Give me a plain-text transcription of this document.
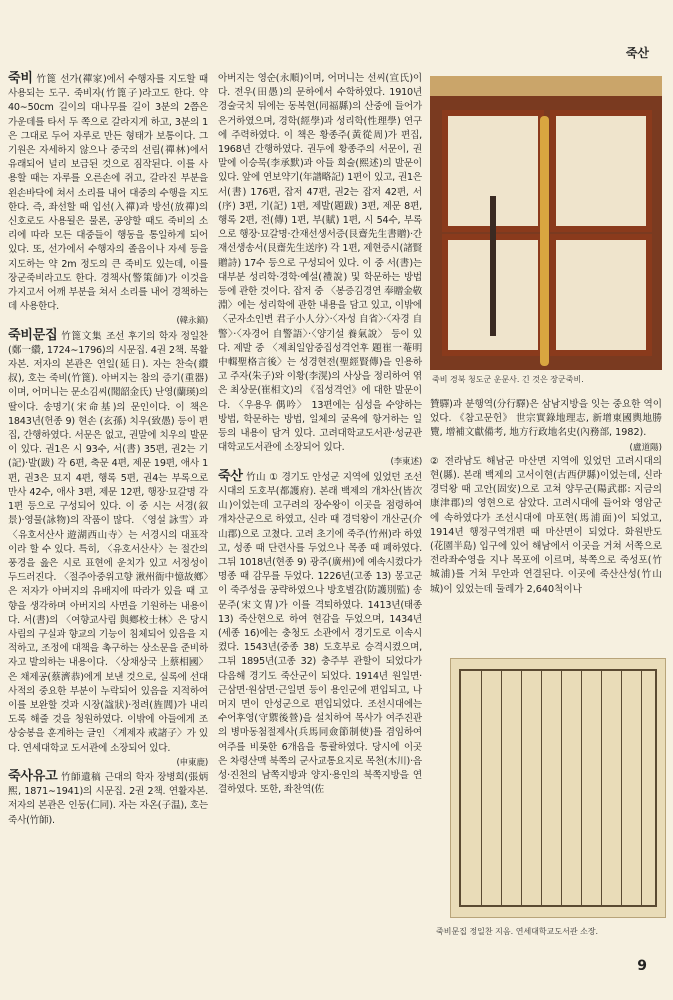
죽산

죽비 竹篦 선가(禪家)에서 수행자를 지도할 때 사용되는 도구. 죽비자(竹篦子)라고도 한다. 약 40∼50cm 길이의 대나무를 길이 3분의 2쯤은 가운데를 타서 두 쪽으로 갈라지게 하고, 3분의 1은 그대로 두어 자루로 만든 형태가 보통이다. 그 기원은 자세하지 않으나 중국의 선림(禪林)에서 유래되어 널리 보급된 것으로 짐작된다. 이를 사용할 때는 자루를 오른손에 쥐고, 갈라진 부분을 왼손바닥에 쳐서 소리를 내어 대중의 수행을 지도한다. 즉, 좌선할 때 입선(入禪)과 방선(放禪)의 신호로도 사용될은 물론, 공양할 때도 죽비의 소리에 따라 모든 대중들이 행동을 통일하게 되어 있다. 또, 선가에서 수행자의 졸음이나 자세 등을 지도하는 약 2m 정도의 큰 죽비도 있는데, 이를 장군죽비라고도 한다. 경책사(警策師)가 이것을 가지고서 어깨 부분을 쳐서 소리를 내어 경책하는 데 사용한다.
(韓永鎬)

죽비문집 竹篦文集 조선 후기의 학자 정일찬(鄭一纘, 1724∼1796)의 시문집. 4권 2책. 목활자본. 저자의 본관은 연일(延日). 자는 찬숙(纘叔), 호는 죽비(竹篦). 아버지는 참의 증기(重器)이며, 어머니는 문소김씨(聞韶金氏) 난영(蘭瑛)의 딸이다. 송명기(宋命基)의 문인이다. 이 책은 1843년(헌종 9) 현손 (玄孫) 치우(致愚) 등이 편집, 간행하였다. 서문은 없고, 권말에 치우의 발문이 있다. 권1은 시 93수, 서(書) 35편, 권2는 기(記)·발(跋) 각 6편, 축문 4편, 제문 19편, 애사 1편, 권3은 묘지 4편, 행록 5편, 권4는 부록으로 만사 42수, 애사 3편, 제문 12편, 행장·묘갈명 각 1편 등으로 구성되어 있다. 이 중 시는 서경(叙景)·영물(詠物)의 작품이 많다. 〈영설 詠雪〉과 〈유호서산사 遊湖西山寺〉는 서경시의 대표작이라 할 수 있다. 특히, 〈유호서산사〉는 절간의 풍경을 읊은 시로 표현에 운치가 있고 서정성이 두드러진다. 〈절주아중위고향 湫州衙中憶故鄕〉은 저자가 아버지의 유배지에 따라가 있을 때 고향을 생각하며 아버지의 사면을 기원하는 내용이다. 서(書)의 〈여향교사림 與鄕校士林〉은 당시 사림의 구실과 향교의 기능이 침체되어 있음을 지적하고, 조정에 대책을 촉구하는 상소문을 준비하자고 발의하는 내용이다. 〈상채상국 上蔡相國〉은 채제공(蔡濟恭)에게 보낸 것으로, 실록에 선대 사적의 중요한 부분이 누락되어 있음을 지적하여 이를 보완할 것과 시장(諡狀)·정려(旌閭)가 내리도록 해줄 것을 청원하였다. 이밖에 아들에게 조상숭봉을 훈계하는 글인 〈계제자 戒諸子〉가 있다. 연세대학교 도서관에 소장되어 있다.
(申東鹿)

죽사유고 竹師遺稿 근대의 학자 장병희(張炳熙, 1871∼1941)의 시문집. 2권 2책. 연활자본. 저자의 본관은 인동(仁同). 자는 자온(子温), 호는 죽사(竹師).

아버지는 영순(永順)이며, 어머니는 선씨(宣氏)이다. 전우(田愚)의 문하에서 수학하였다. 1910년 경술국치 뒤에는 동복현(同福縣)의 산중에 들어가 은거하였으며, 경학(經學)과 성리학(性理學) 연구에 주력하였다. 이 책은 황종주(黃從周)가 편집, 1968년 간행하였다. 권두에 황종주의 서문이, 권말에 이승묵(李承默)과 아들 희술(熙述)의 발문이 있다. 앞에 연보약기(年譜略記) 1편이 있고, 권1은 서(書) 176편, 잡저 47편, 권2는 잡저 42편, 서(序) 3편, 기(記) 1편, 제발(題跋) 3편, 제문 8편, 행록 2편, 전(傳) 1편, 부(賦) 1편, 시 54수, 부록으로 행장·묘갈명·간재선생서증(艮齋先生書贈)·간재선생송서(艮齋先生送序) 각 1편, 제현증시(諸賢贈詩) 17수 등으로 구성되어 있다. 이 중 서(書)는 대부분 성리학·경학·예설(禮說) 및 학문하는 방법 등에 관한 것이다. 잡저 중 〈봉증김경연 奉贈金敬淵〉에는 성리학에 관한 내용을 담고 있고, 이밖에 〈군자소인변 君子小人分〉·〈자성 自省〉·〈자경 自警〉·〈자경어 自警語〉·〈양기설 養氣說〉 등이 있다. 제발 중 〈제최일암중집성격언후 題崔一菴明中輯聖格言後〉는 성경현전(聖經賢傳)을 인용하고 주자(朱子)와 이황(李滉)의 사상을 정리하여 엮은 최상문(崔相文)의 《집성격언》에 대한 발문이다. 〈우용우 偶吟〉 13편에는 심성을 수양하는 방법, 학문하는 방법, 일체의 굴욕에 항거하는 일 등의 내용이 담겨 있다. 고려대학교도서관·성균관대학교도서관에 소장되어 있다.
(李東述)

죽산 竹山 ① 경기도 안성군 지역에 있었던 조선시대의 도호부(都護府). 본래 백제의 개차산(皆次山)이었는데 고구려의 장수왕이 이곳을 점령하여 개차산군으로 하였고, 신라 때 경덕왕이 개산군(介山郡)으로 고쳤다. 고려 초기에 죽주(竹州)라 하였고, 성종 때 단련사를 두었으나 목종 때 폐하였다. 그뒤 1018년(현종 9) 광주(廣州)에 예속시켰다가 명종 때 감무를 두었다. 1226년(고종 13) 몽고군이 죽주성을 공략하였으나 방호별감(防護別監) 송문주(宋文冑)가 이를 격퇴하였다. 1413년(태종 13) 죽산현으로 하여 현감을 두었으며, 1434년(세종 16)에는 충청도 소관에서 경기도로 이속시켰다. 1543년(중종 38) 도호부로 승격시켰으며, 그뒤 1895년(고종 32) 충주부 관할이 되었다가 다음해 경기도 죽산군이 되었다. 1914년 원일면·근삼면·원삼면·근일면 등이 용인군에 편입되고, 나머지 면이 안성군으로 편입되었다. 조선시대에는 수어후영(守禦後營)을 설치하여 목사가 여주진관의 병마동첨절제사(兵馬同僉節制使)를 겸임하여 여주를 비롯한 6개읍을 통괄하였다. 당시에 이곳은 차령산맥 북쪽의 군사교통요지로 목천(木川)·음성·진천의 남쪽지방과 양지·용인의 북쪽지방을 연결하였다. 또한, 좌찬역(佐

죽비 경북 청도군 운문사. 긴 것은 장군죽비.
贊驛)과 분행역(分行驛)은 삼남지방을 잇는 중요한 역이었다. 《참고문헌》 世宗實錄地理志, 新增東國輿地勝覽, 增補文獻備考, 地方行政地名史(內務部, 1982).
(盧道陽)
② 전라남도 해남군 마산면 지역에 있었던 고려시대의 현(縣). 본래 백제의 고서이현(古西伊縣)이었는데, 신라 경덕왕 때 고안(固安)으로 고쳐 양무군(陽武郡: 지금의 康津郡)의 영현으로 삼았다. 고려시대에 들어와 영암군에 속하였다가 조선시대에 마포현(馬浦面)이 되었고, 1914년 행정구역개편 때 마산면이 되었다. 화원반도(花園半島) 입구에 있어 해남에서 이곳을 거쳐 서쪽으로 전라좌수영을 지나 목포에 이르며, 북쪽으로 죽성포(竹城浦)를 거쳐 무안과 연결된다. 이곳에 죽산산성(竹山城)이 있었는데 둘레가 2,640척이나
죽비문집 정일찬 지음. 연세대학교도서관 소장.
9
